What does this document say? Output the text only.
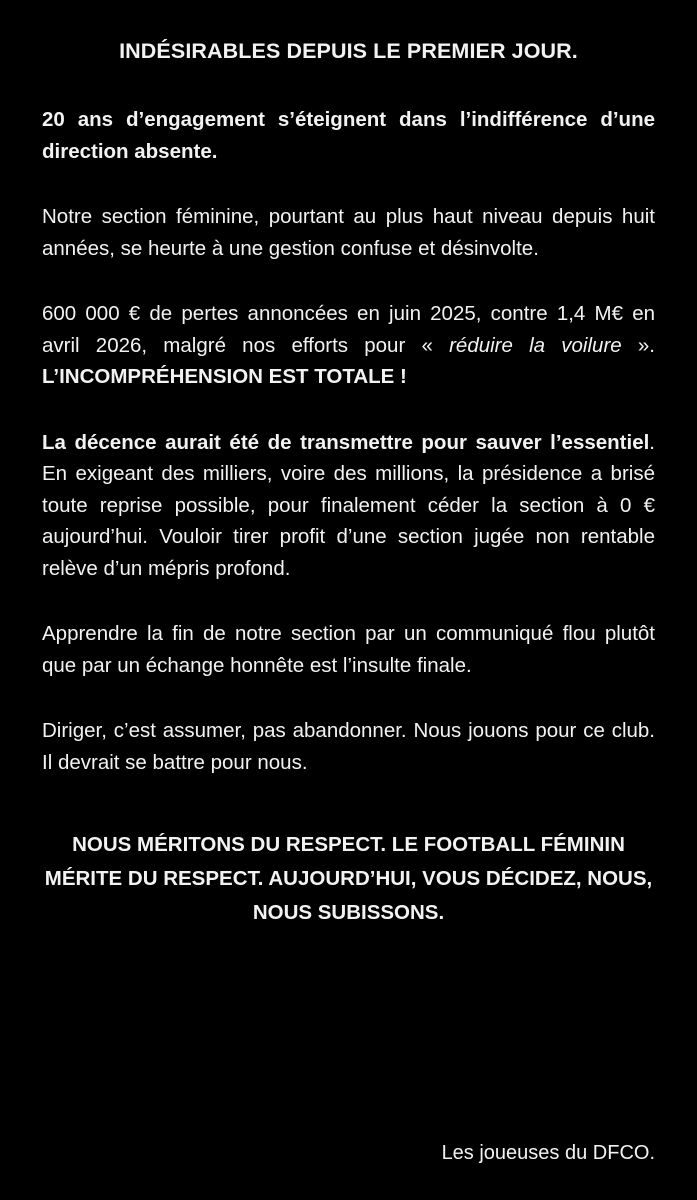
INDÉSIRABLES DEPUIS LE PREMIER JOUR.

20 ans d’engagement s’éteignent dans l’indifférence d’une direction absente.

Notre section féminine, pourtant au plus haut niveau depuis huit années, se heurte à une gestion confuse et désinvolte.

600 000 € de pertes annoncées en juin 2025, contre 1,4 M€ en avril 2026, malgré nos efforts pour « réduire la voilure ». L’INCOMPRÉHENSION EST TOTALE !

La décence aurait été de transmettre pour sauver l’essentiel. En exigeant des milliers, voire des millions, la présidence a brisé toute reprise possible, pour finalement céder la section à 0 € aujourd’hui. Vouloir tirer profit d’une section jugée non rentable relève d’un mépris profond.

Apprendre la fin de notre section par un communiqué flou plutôt que par un échange honnête est l’insulte finale.

Diriger, c’est assumer, pas abandonner. Nous jouons pour ce club. Il devrait se battre pour nous.

NOUS MÉRITONS DU RESPECT. LE FOOTBALL FÉMININ MÉRITE DU RESPECT. AUJOURD’HUI, VOUS DÉCIDEZ, NOUS, NOUS SUBISSONS.

Les joueuses du DFCO.
